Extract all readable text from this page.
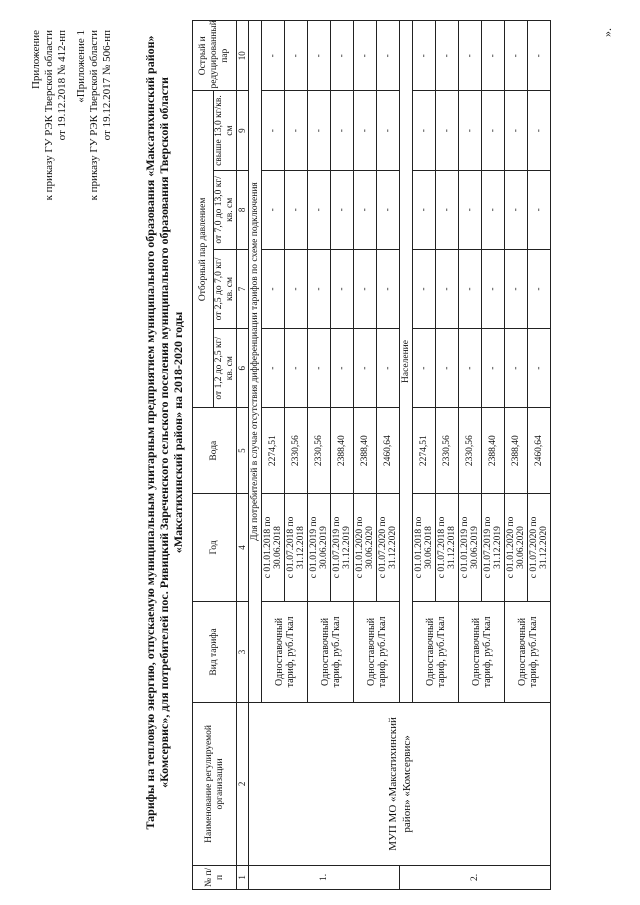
Приложение к приказу ГУ РЭК Тверской области от 19.12.2018 № 412-нп «Приложение 1 к приказу ГУ РЭК Тверской области от 19.12.2017 № 506-нп	Тарифы на тепловую энергию, отпускаемую муниципальным унитарным предприятием муниципального образования «Максатихинский район» «Комсервис», для потребителей пос. Ривицкий Зареченского сельского поселения муниципального образования Тверской области «Максатихинский район» на 2018-2020 годы
№ п/п	Наименование регулируемой организации	Вид тарифа	Год	Вода	Отборный пар давлением				Острый и редуцированный пар
					от 1,2 до 2,5 кг/кв. см	от 2,5 до 7,0 кг/кв. см	от 7,0 до 13,0 кг/кв. см	свыше 13,0 кг/кв. см	
1	2	3	4	5	6	7	8	9	10
1.	МУП МО «Максатихинский район» «Комсервис»	Для потребителей в случае отсутствия дифференциации тарифов по схеме подключения							
		Одноставочный тариф, руб./Гкал	с 01.01.2018 по 30.06.2018	2274,51	-	-	-	-	-
			с 01.07.2018 по 31.12.2018	2330,56	-	-	-	-	-
		Одноставочный тариф, руб./Гкал	с 01.01.2019 по 30.06.2019	2330,56	-	-	-	-	-
			с 01.07.2019 по 31.12.2019	2388,40	-	-	-	-	-
		Одноставочный тариф, руб./Гкал	с 01.01.2020 по 30.06.2020	2388,40	-	-	-	-	-
			с 01.07.2020 по 31.12.2020	2460,64	-	-	-	-	-
2.		Население							
		Одноставочный тариф, руб./Гкал	с 01.01.2018 по 30.06.2018	2274,51	-	-	-	-	-
			с 01.07.2018 по 31.12.2018	2330,56	-	-	-	-	-
		Одноставочный тариф, руб./Гкал	с 01.01.2019 по 30.06.2019	2330,56	-	-	-	-	-
			с 01.07.2019 по 31.12.2019	2388,40	-	-	-	-	-
		Одноставочный тариф, руб./Гкал	с 01.01.2020 по 30.06.2020	2388,40	-	-	-	-	-
			с 01.07.2020 по 31.12.2020	2460,64	-	-	-	-	-
».
